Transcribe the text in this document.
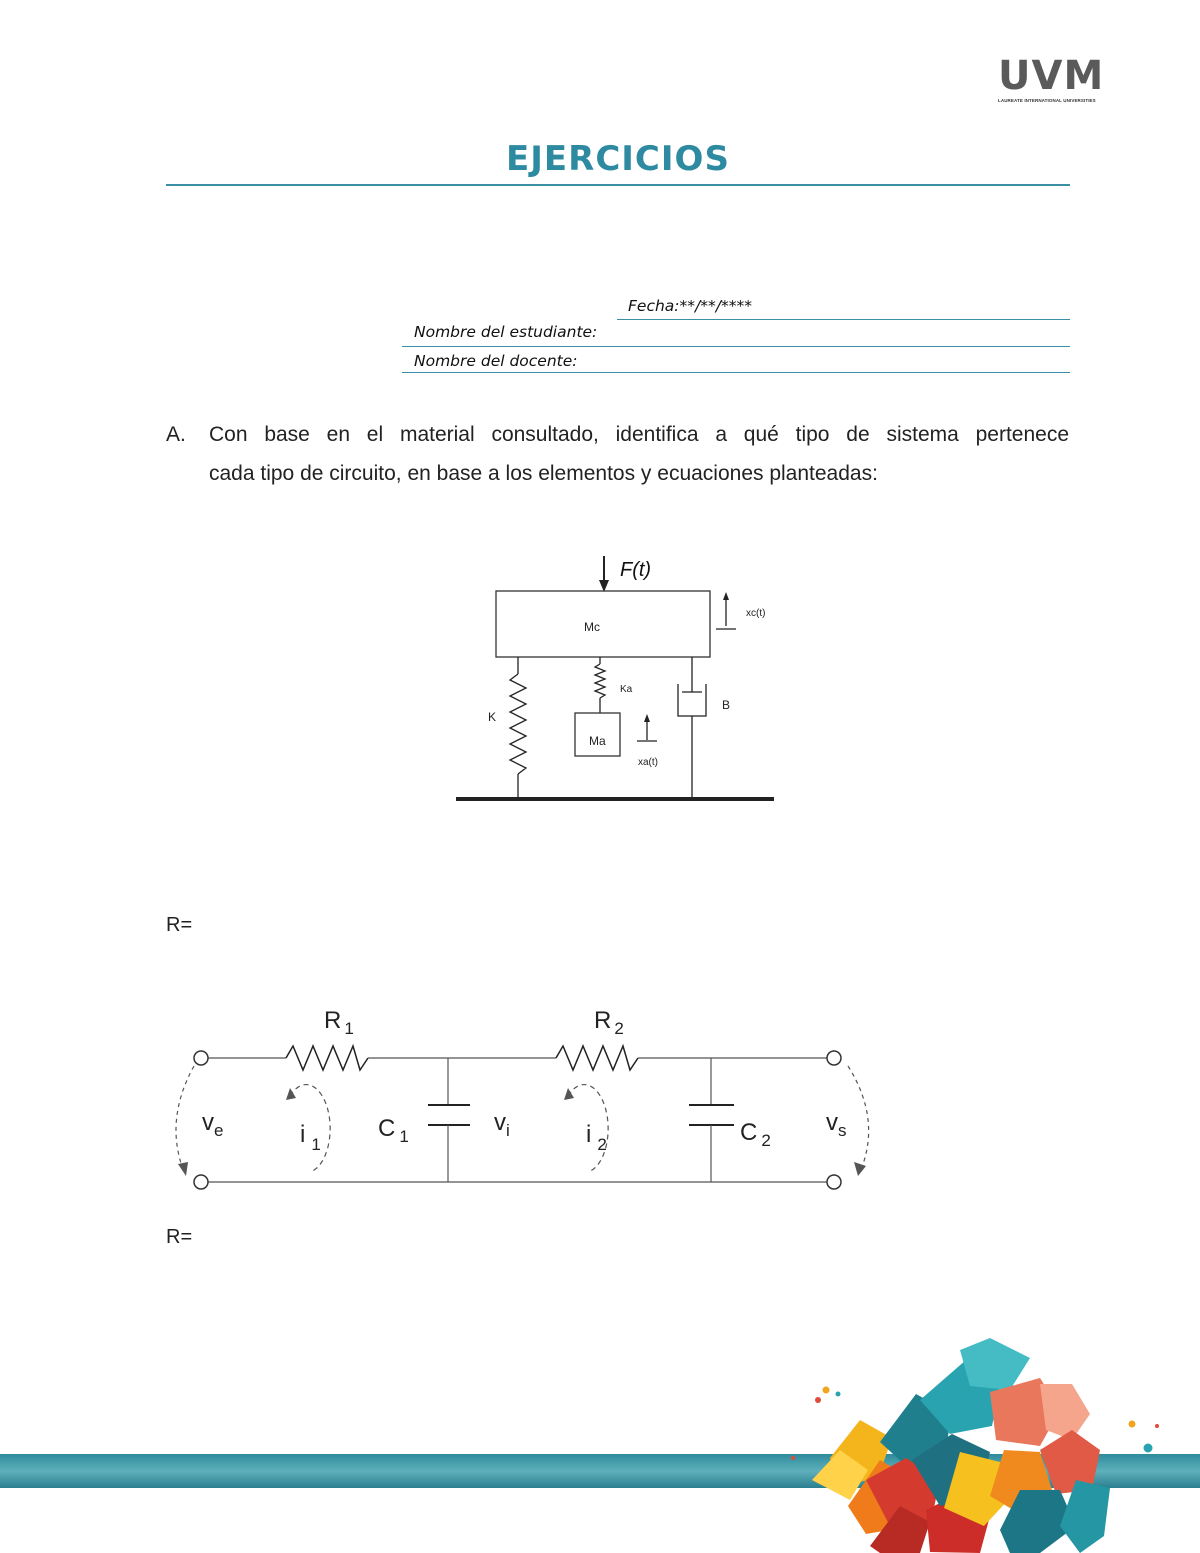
UVM
LAUREATE INTERNATIONAL UNIVERSITIES
EJERCICIOS
Fecha:**/**/****
Nombre del estudiante:
Nombre del docente:
A. Con base en el material consultado, identifica a qué tipo de sistema pertenece
cada tipo de circuito, en base a los elementos y ecuaciones planteadas:
F(t)
Mc
xc(t)
Ka
K
B
Ma
xa(t)
R=
R $_1$	R $_2$
C $_1$	C $_2$
$v_e$	$v_i$	$v_s$
i $_1$	i $_2$
R=
